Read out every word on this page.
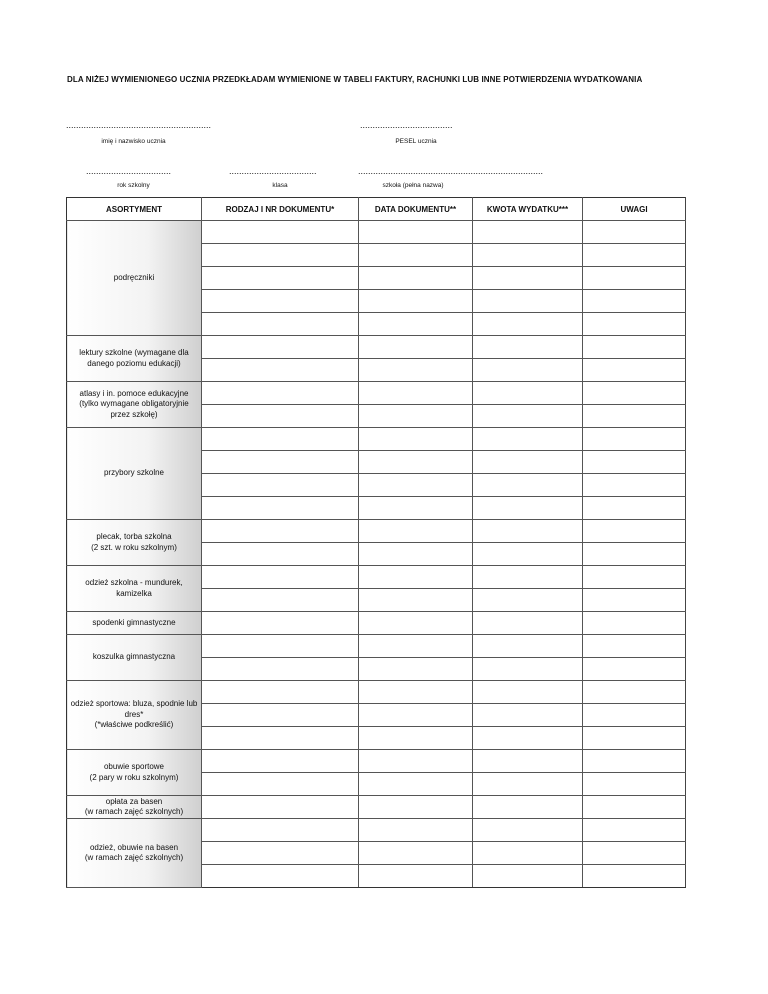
DLA NIŻEJ WYMIENIONEGO UCZNIA PRZEDKŁADAM WYMIENIONE W TABELI FAKTURY, RACHUNKI LUB INNE POTWIERDZENIA WYDATKOWANIA
..........................................................
imię i nazwisko ucznia
.....................................
PESEL ucznia
..................................
rok szkolny
...................................
klasa
..........................................................................
szkoła (pełna nazwa)
ASORTYMENT	RODZAJ I NR DOKUMENTU*	DATA DOKUMENTU**	KWOTA WYDATKU***	UWAGI
podręczniki				

lektury szkolne (wymagane dla danego poziomu edukacji)				

atlasy i in. pomoce edukacyjne (tylko wymagane obligatoryjnie przez szkołę)				

przybory szkolne				

plecak, torba szkolna
(2 szt. w roku szkolnym)				

odzież szkolna - mundurek, kamizelka				

spodenki gimnastyczne				
koszulka gimnastyczna				

odzież sportowa: bluza, spodnie lub dres*
(*właściwe podkreślić)				

obuwie sportowe
(2 pary w roku szkolnym)				

opłata za basen
(w ramach zajęć szkolnych)				
odzież, obuwie na basen
(w ramach zajęć szkolnych)				
